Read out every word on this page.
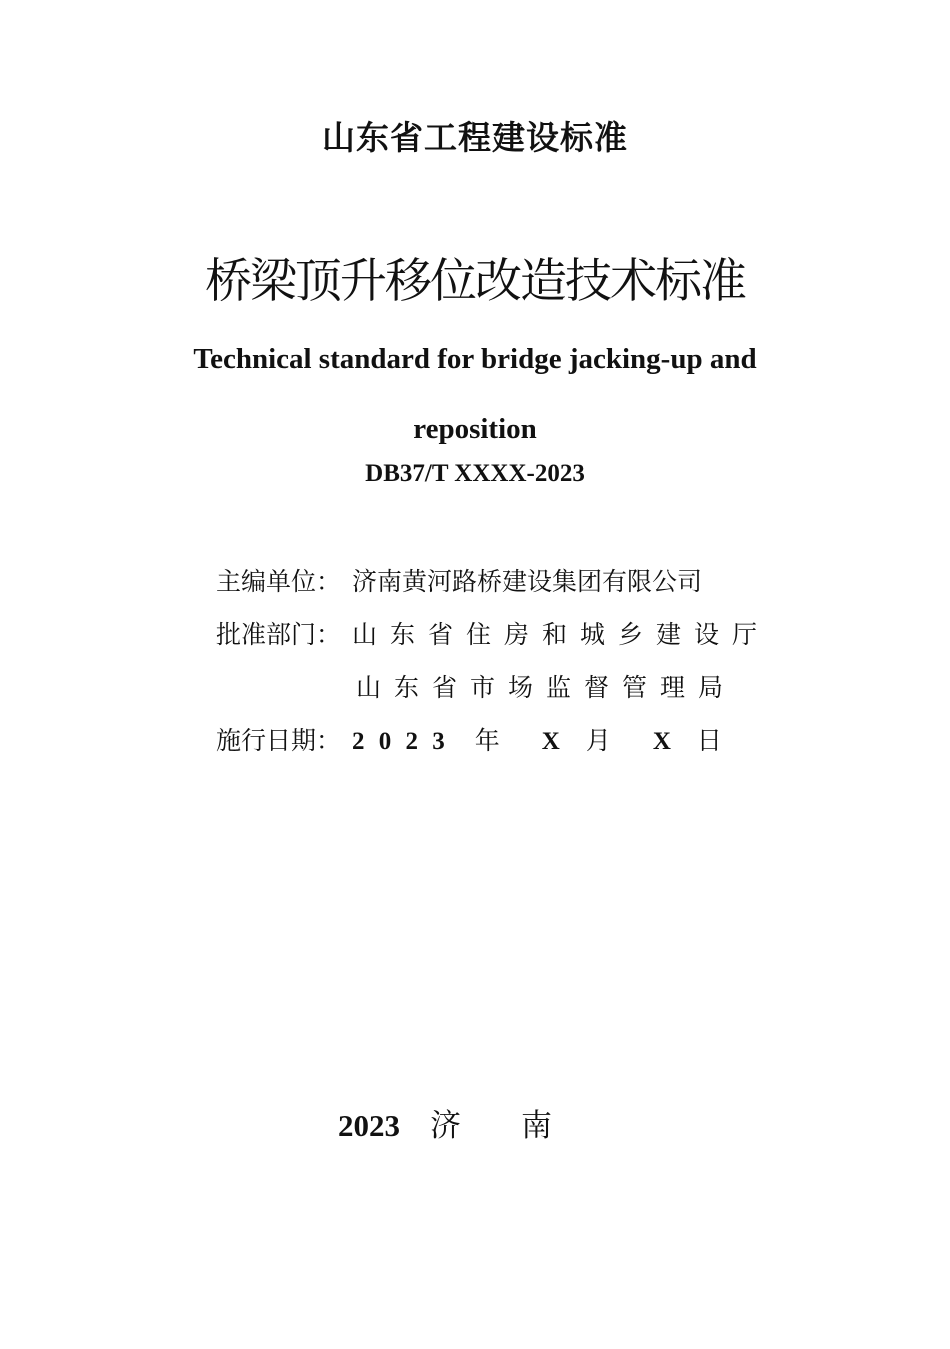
山东省工程建设标准
桥梁顶升移位改造技术标准
Technical standard for bridge jacking-up and
reposition
DB37/T XXXX-2023
主编单位： 济南黄河路桥建设集团有限公司
批准部门： 山东省住房和城乡建设厅
山东省市场监督管理局
施行日期： 2 0 2 3 年 X 月 X 日
2023 济南
